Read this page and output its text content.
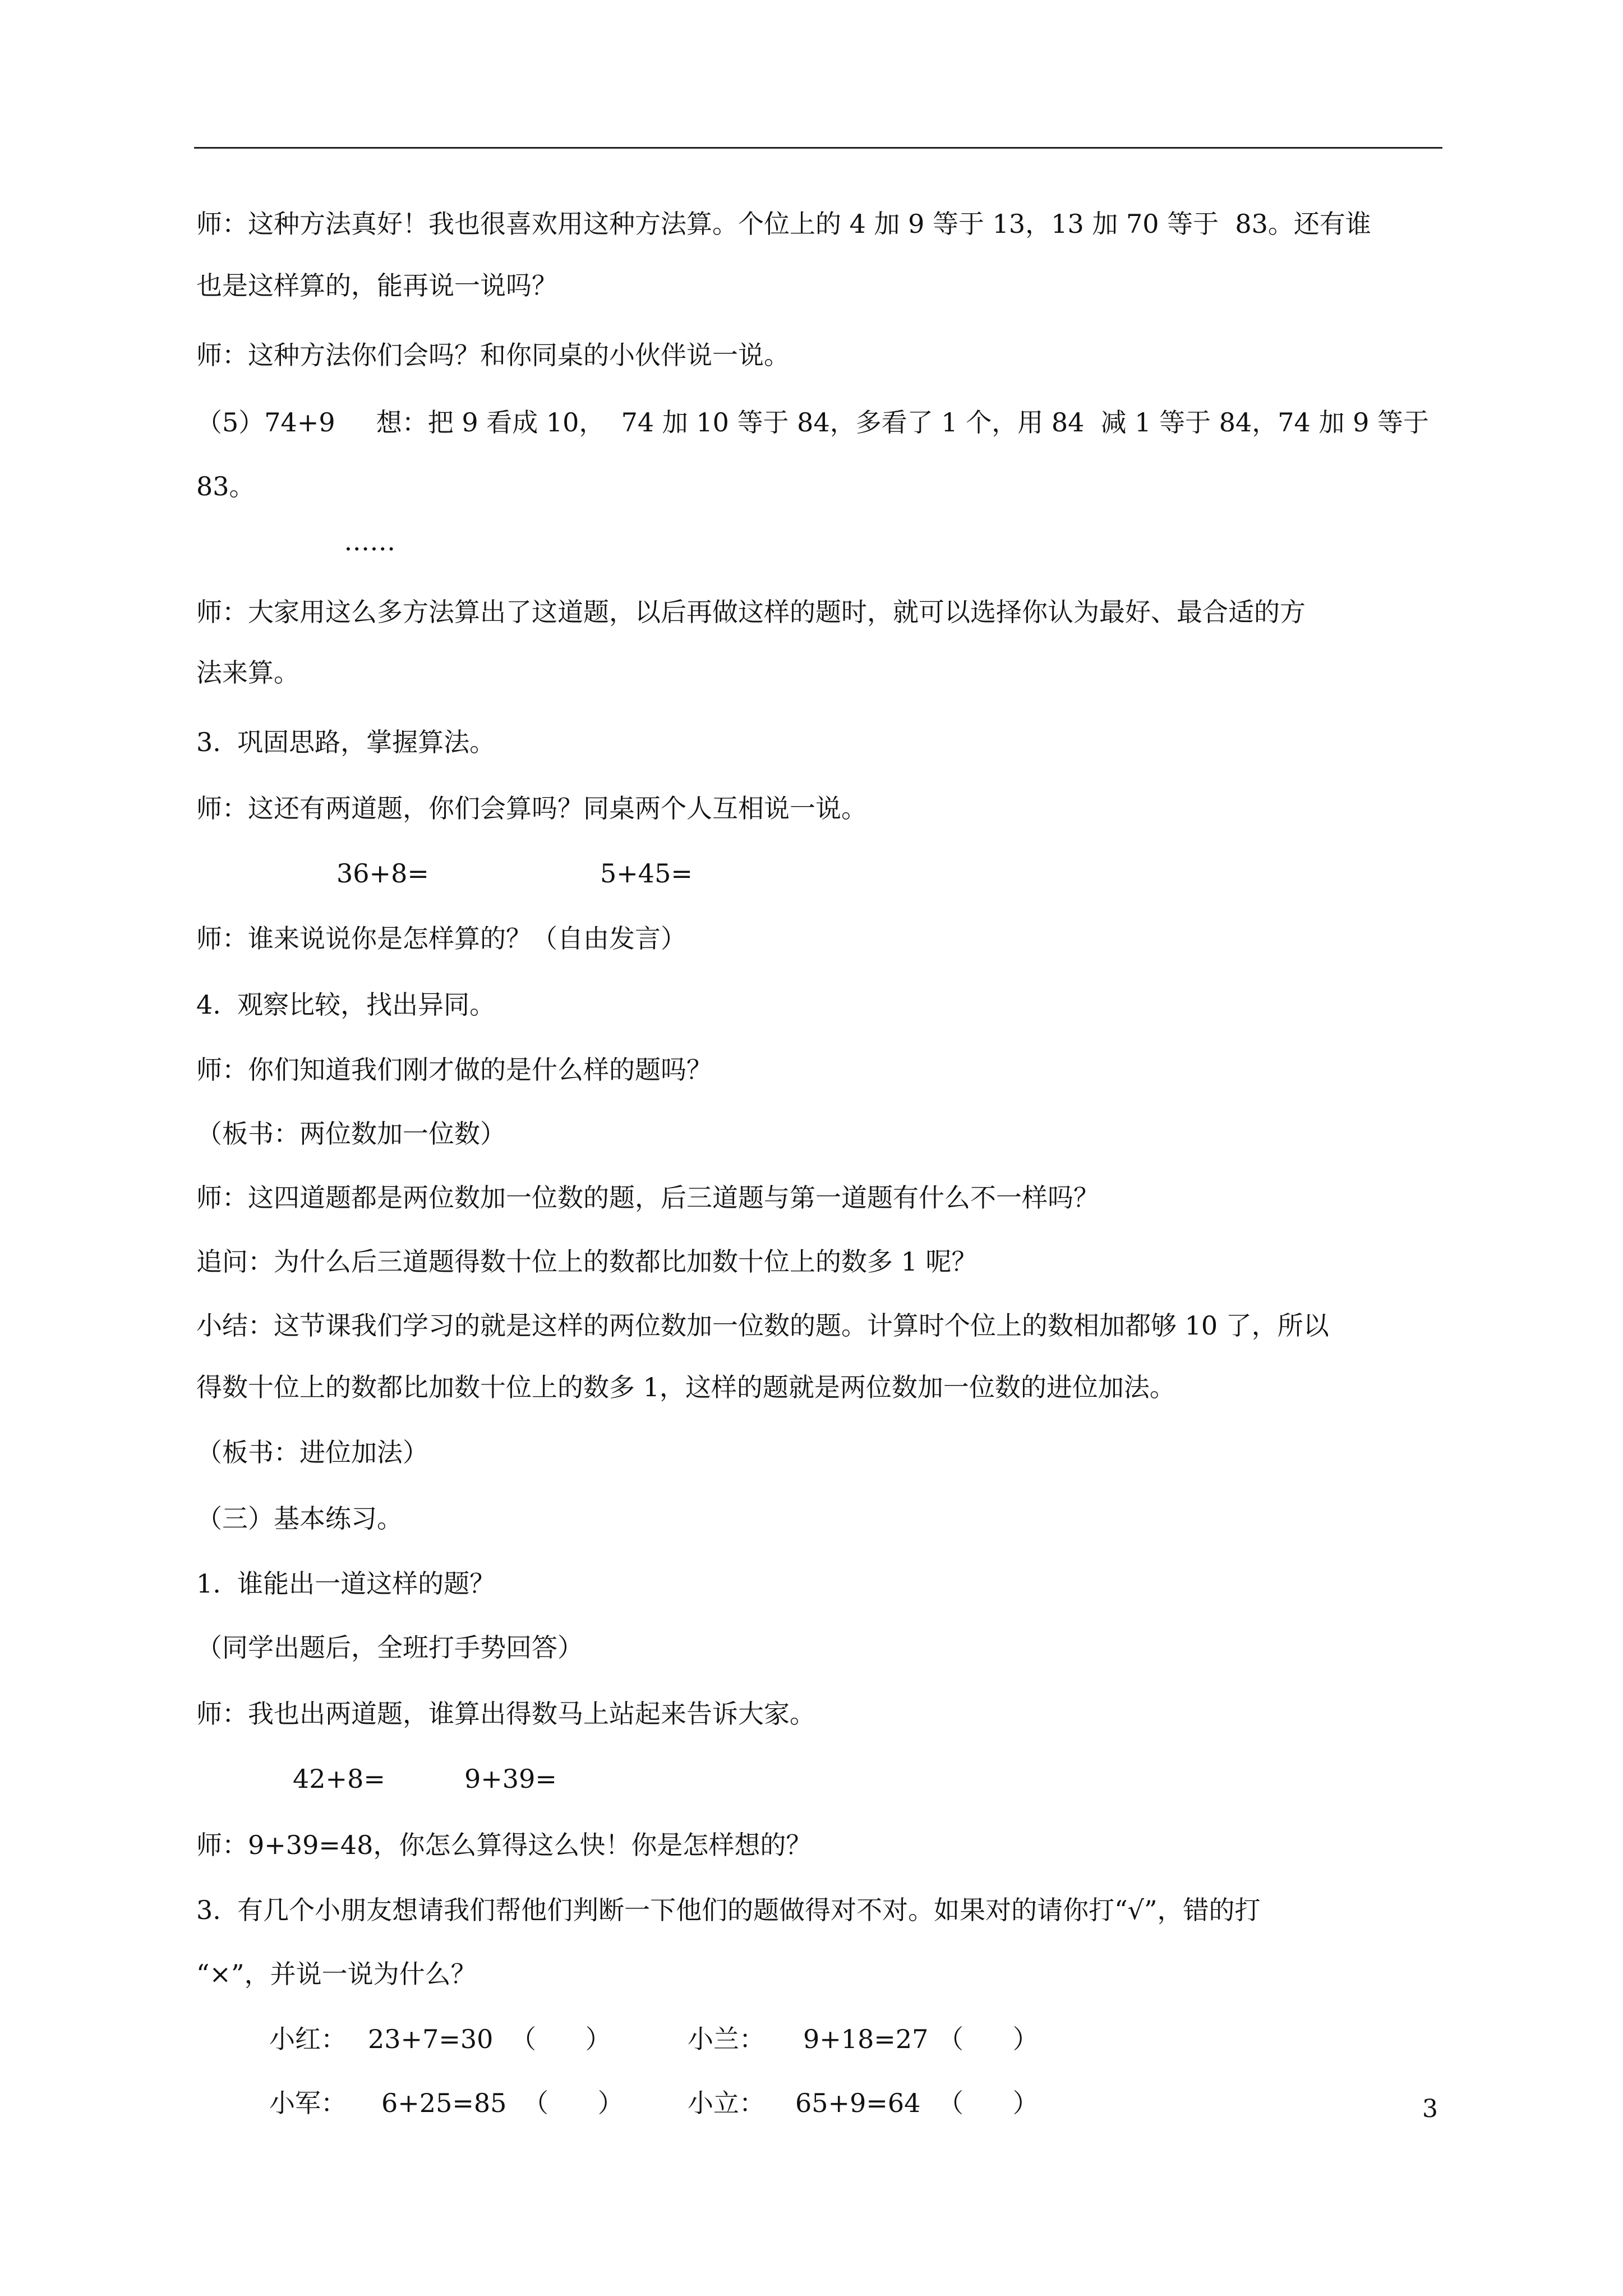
师：这种方法真好！我也很喜欢用这种方法算。个位上的 4 加 9 等于 13，13 加 70 等于  83。还有谁
也是这样算的，能再说一说吗？
师：这种方法你们会吗？和你同桌的小伙伴说一说。
（5）74+9     想：把 9 看成 10，  74 加 10 等于 84，多看了 1 个，用 84  减 1 等于 84，74 加 9 等于
83。
……
师：大家用这么多方法算出了这道题，以后再做这样的题时，就可以选择你认为最好、最合适的方
法来算。
3.  巩固思路，掌握算法。
师：这还有两道题，你们会算吗？同桌两个人互相说一说。
36+8=	5+45=
师：谁来说说你是怎样算的？（自由发言）
4.  观察比较，找出异同。
师：你们知道我们刚才做的是什么样的题吗？
（板书：两位数加一位数）
师：这四道题都是两位数加一位数的题，后三道题与第一道题有什么不一样吗？
追问：为什么后三道题得数十位上的数都比加数十位上的数多 1 呢？
小结：这节课我们学习的就是这样的两位数加一位数的题。计算时个位上的数相加都够 10 了，所以
得数十位上的数都比加数十位上的数多 1，这样的题就是两位数加一位数的进位加法。
（板书：进位加法）
（三）基本练习。
1.  谁能出一道这样的题？
（同学出题后，全班打手势回答）
师：我也出两道题，谁算出得数马上站起来告诉大家。
42+8=	9+39=
师：9+39=48，你怎么算得这么快！你是怎样想的？
3.  有几个小朋友想请我们帮他们判断一下他们的题做得对不对。如果对的请你打“√”，错的打
“×”，并说一说为什么？
小红： 23+7=30 （      ）	小兰： 9+18=27 （      ）
小军： 6+25=85 （      ） 小立： 65+9=64 （      ）	3
